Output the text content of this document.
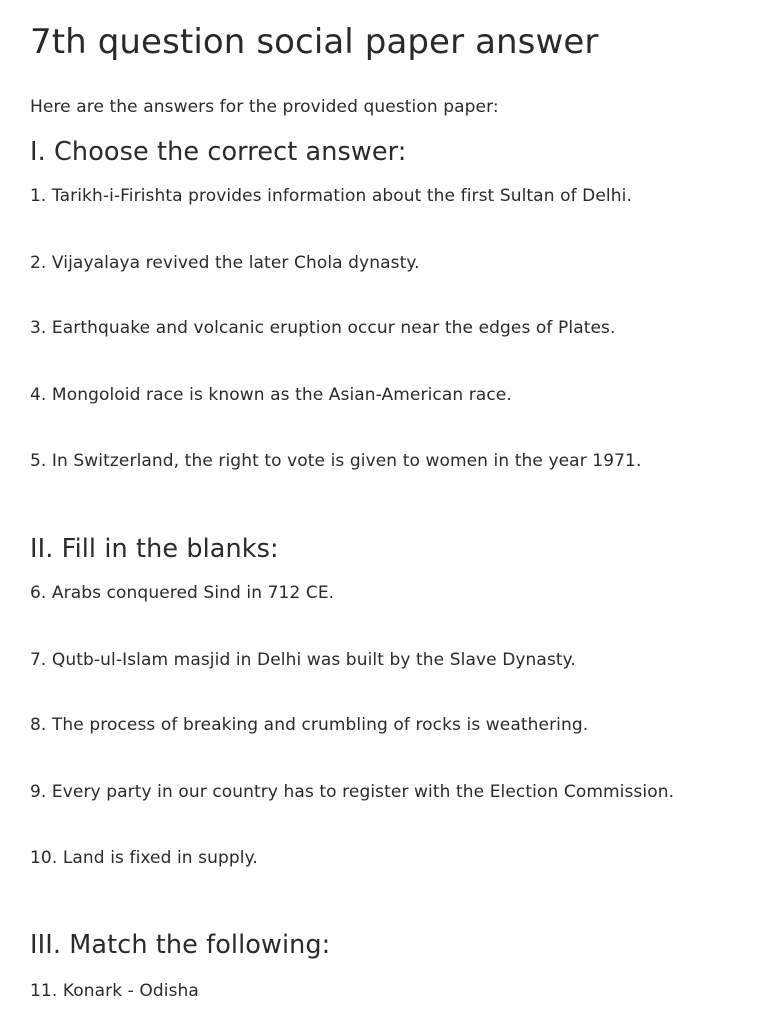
7th question social paper answer

Here are the answers for the provided question paper:

I. Choose the correct answer:

1. Tarikh-i-Firishta provides information about the first Sultan of Delhi.

2. Vijayalaya revived the later Chola dynasty.

3. Earthquake and volcanic eruption occur near the edges of Plates.

4. Mongoloid race is known as the Asian-American race.

5. In Switzerland, the right to vote is given to women in the year 1971.

II. Fill in the blanks:

6. Arabs conquered Sind in 712 CE.

7. Qutb-ul-Islam masjid in Delhi was built by the Slave Dynasty.

8. The process of breaking and crumbling of rocks is weathering.

9. Every party in our country has to register with the Election Commission.

10. Land is fixed in supply.

III. Match the following:

11. Konark - Odisha
